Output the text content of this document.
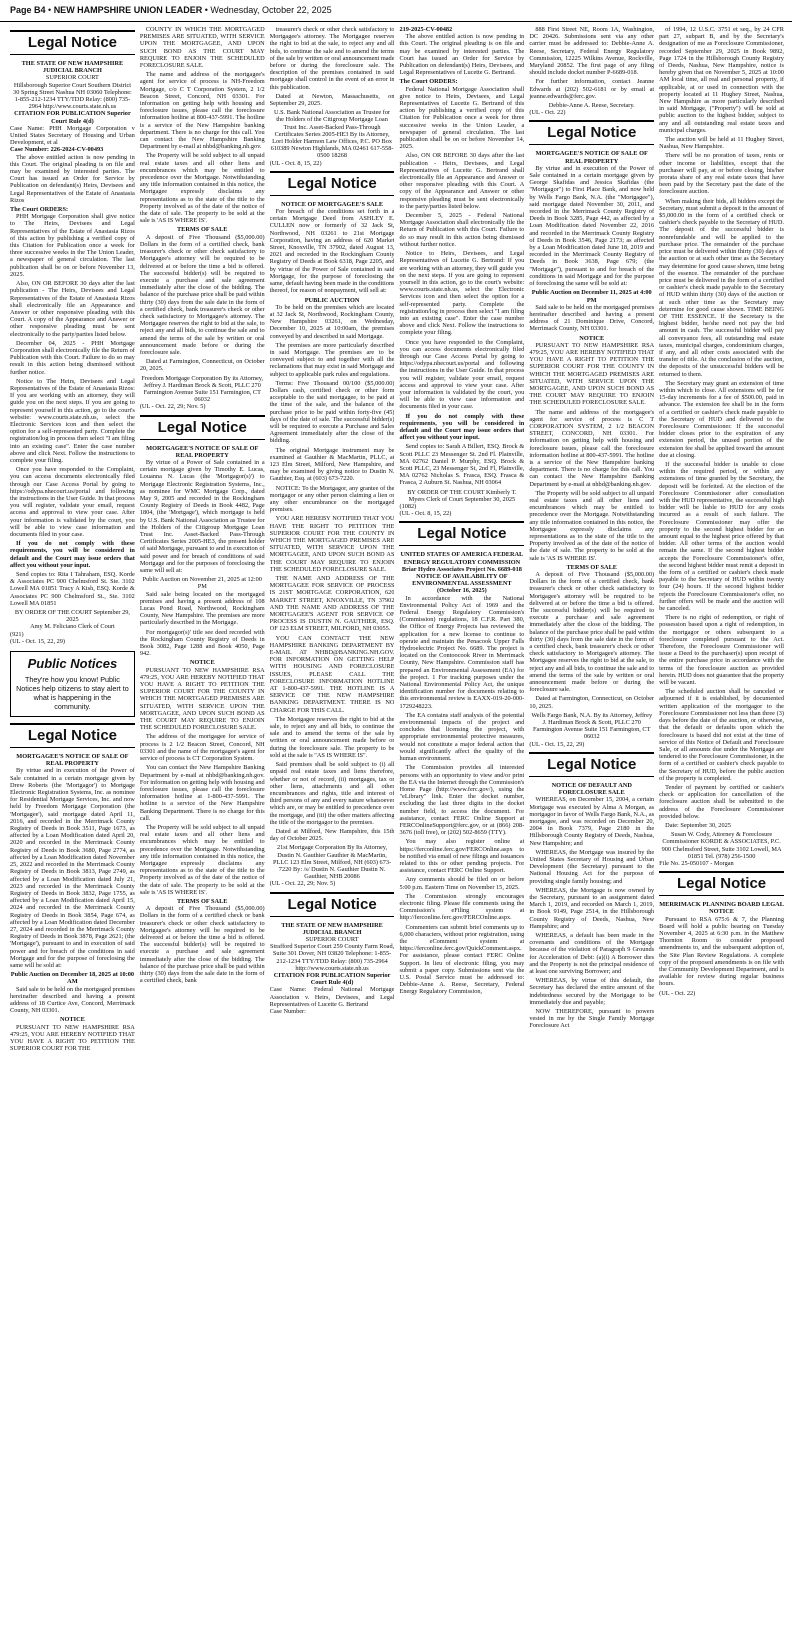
Page B4 • NEW HAMPSHIRE UNION LEADER • Wednesday, October 22, 2025
Legal Notice
THE STATE OF NEW HAMPSHIRE JUDICIAL BRANCH
SUPERIOR COURT
Hillsborough Superior Court Southern District 30 Spring Street Nashua NH 03060 Telephone: 1-855-212-1234 TTY/TDD Relay: (800) 735-2964 http://www.courts.state.nh.us
CITATION FOR PUBLICATION Superior Court Rule 4(d)
Case Name: PHH Mortgage Corporation v United States Secretary of Housing and Urban Development, et al
Case Number: 226-2024-CV-00493
The above entitled action is now pending in this Court. The original pleading is on file and may be examined by interested parties. The Court has issued an Order for Service by Publication on defendant(s) Heirs, Devisees and Legal Representatives of the Estate of Anastasia Rizos
The Court ORDERS:
PHH Mortgage Corporation shall give notice to The Heirs, Devisees and Legal Representatives of the Estate of Anastasia Rizos of this action by publishing a verified copy of this Citation for Publication once a week for three successive weeks in the The Union Leader, a newspaper of general circulation. The last publication shall be on or before November 13, 2025.
Also, ON OR BEFORE 30 days after the last publication - The Heirs, Devisees and Legal Representatives of the Estate of Anastasia Rizos shall electronically file an Appearance and Answer or other responsive pleading with this Court. A copy of the Appearance and Answer or other responsive pleading must be sent electronically to the party/parties listed below.
December 04, 2025 - PHH Mortgage Corporation shall electronically file the Return of Publication with this Court. Failure to do so may result in this action being dismissed without further notice.
Notice to The Heirs, Devisees and Legal Representatives of the Estate of Anastasia Rizos: If you are working with an attorney, they will guide you on the next steps. If you are going to represent yourself in this action, go to the court's website: www.courts.state.nh.us, select the Electronic Services icon and then select the option for a self-represented party. Complete the registration/log in process then select "I am filing into an existing case". Enter the case number above and click Next. Follow the instructions to complete your filing.
Once you have responded to the Complaint, you can access documents electronically filed through our Case Access Portal by going to https://odypa.nhecourt.us/portal and following the instructions in the User Guide. In that process you will register, validate your email, request access and approval to view your case. After your information is validated by the court, you will be able to view case information and documents filed in your case.
If you do not comply with these requirements, you will be considered in default and the Court may issue orders that affect you without your input.
Send copies to: Rita I Tahraham, ESQ. Korde & Associates PC 900 Chelmsford St. Ste. 3102 Lowell MA 01851 Tracy A Kish, ESQ. Korde & Associates PC 900 Chelmsford St., Ste. 3102 Lowell MA 01851
BY ORDER OF THE COURT September 29, 2025
Amy M. Feliciano Clerk of Court
(921)
(UL - Oct. 15, 22, 29)
Public Notices
They're how you know! Public Notices help citizens to stay alert to what is happening in the community.
Legal Notice
MORTGAGEE'S NOTICE OF SALE OF REAL PROPERTY
By virtue and in execution of the Power of Sale contained in a certain mortgage given by Drew Roberts (the 'Mortgagor') to Mortgage Electronic Registration Systems, Inc. as nominee for Residential Mortgage Services, Inc. and now held by Freedom Mortgage Corporation (the 'Mortgagee'), said mortgage dated April 11, 2016, and recorded in the Merrimack County Registry of Deeds in Book 3511, Page 1673, as affected by a Loan Modification dated April 20, 2020 and recorded in the Merrimack County Registry of Deeds in Book 3680, Page 2774, as affected by a Loan Modification dated November 25, 2022 and recorded in the Merrimack County Registry of Deeds in Book 3813, Page 2749, as affected by a Loan Modification dated July 21, 2023 and recorded in the Merrimack County Registry of Deeds in Book 3832, Page 1755, as affected by a Loan Modification dated April 15, 2024 and recorded in the Merrimack County Registry of Deeds in Book 3854, Page 674, as affected by a Loan Modification dated December 27, 2024 and recorded in the Merrimack County Registry of Deeds in Book 3878, Page 2621; (the 'Mortgage'), pursuant to and in execution of said power and for breach of the conditions in said Mortgage and for the purpose of foreclosing the same will be sold at:
Public Auction on December 18, 2025 at 10:00 AM
Said sale to be held on the mortgaged premises hereinafter described and having a present address of 18 Curtice Ave, Concord, Merrimack County, NH 03301.
NOTICE
PURSUANT TO NEW HAMPSHIRE RSA 479:25, YOU ARE HEREBY NOTIFIED THAT YOU HAVE A RIGHT TO PETITION THE SUPERIOR COURT FOR THE
COUNTY IN WHICH THE MORTGAGED PREMISES ARE SITUATED, WITH SERVICE UPON THE MORTGAGEE, AND UPON SUCH BOND AS THE COURT MAY REQUIRE TO ENJOIN THE SCHEDULED FORECLOSURE SALE.
The name and address of the mortgagee's agent for service of process is NH-Freedom Mortgage, c/o C T Corporation System, 2 1/2 Beacon Street, Concord, NH 03301. For information on getting help with housing and foreclosure issues, please call the foreclosure information hotline at 800-437-5991. The hotline is a service of the New Hampshire banking department. There is no charge for this call. You can contact the New Hampshire Banking Department by e-mail at nhbd@banking.nh.gov.
The Property will be sold subject to all unpaid real estate taxes and all other liens and encumbrances which may be entitled to precedence over the Mortgage. Notwithstanding any title information contained in this notice, the Mortgagee expressly disclaims any representations as to the state of the title to the Property involved as of the date of the notice of the date of sale. The property to be sold at the sale is 'AS IS WHERE IS'.
TERMS OF SALE
A deposit of Five Thousand ($5,000.00) Dollars in the form of a certified check, bank treasurer's check or other check satisfactory to Mortgagee's attorney will be required to be delivered at or before the time a bid is offered. The successful bidder(s) will be required to execute a purchase and sale agreement immediately after the close of the bidding. The balance of the purchase price shall be paid within thirty (30) days from the sale date in the form of a certified check, bank treasurer's check or other check satisfactory to Mortgagee's attorney. The Mortgagee reserves the right to bid at the sale, to reject any and all bids, to continue the sale and to amend the terms of the sale by written or oral announcement made before or during the foreclosure sale.
Dated at Farmington, Connecticut, on October 20, 2025.
Freedom Mortgage Corporation By its Attorney, Jeffrey J. Hardiman Brock & Scott, PLLC 270 Farmington Avenue Suite 151 Farmington, CT 06032
(UL - Oct. 22, 29; Nov. 5)
Legal Notice
MORTGAGEE'S NOTICE OF SALE OF REAL PROPERTY
By virtue of a Power of Sale contained in a certain mortgage given by Timothy E. Lucas, Louanna N. Lucas (the 'Mortgagor(s)') to Mortgage Electronic Registration Systems, Inc., as nominee for WMC Mortgage Corp., dated May 9, 2005 and recorded in the Rockingham County Registry of Deeds in Book 4482, Page 1804, (the 'Mortgage'), which mortgage is held by U.S. Bank National Association as Trustee for the Holders of the Citigroup Mortgage Loan Trust Inc. Asset-Backed Pass-Through Certificates Series 2005-HE3, the present holder of said Mortgage, pursuant to and in execution of said power and for breach of conditions of said Mortgage and for the purposes of foreclosing the same will sell at:
Public Auction on November 21, 2025 at 12:00 PM
Said sale being located on the mortgaged premises and having a present address of 108 Lucas Pond Road, Northwood, Rockingham County, New Hampshire. The premises are more particularly described in the Mortgage.
For mortgagor(s)' title see deed recorded with the Rockingham County Registry of Deeds in Book 3082, Page 1288 and Book 4050, Page 942.
NOTICE
PURSUANT TO NEW HAMPSHIRE RSA 479:25, YOU ARE HEREBY NOTIFIED THAT YOU HAVE A RIGHT TO PETITION THE SUPERIOR COURT FOR THE COUNTY IN WHICH THE MORTGAGED PREMISES ARE SITUATED, WITH SERVICE UPON THE MORTGAGEE, AND UPON SUCH BOND AS THE COURT MAY REQUIRE TO ENJOIN THE SCHEDULED FORECLOSURE SALE.
The address of the mortgagee for service of process is 2 1/2 Beacon Street, Concord, NH 03301 and the name of the mortgagee's agent for service of process is CT Corporation System.
You can contact the New Hampshire Banking Department by e-mail at nhbd@banking.nh.gov. For information on getting help with housing and foreclosure issues, please call the foreclosure information hotline at 1-800-437-5991. The hotline is a service of the New Hampshire Banking Department. There is no charge for this call.
The Property will be sold subject to all unpaid real estate taxes and all other liens and encumbrances which may be entitled to precedence over the Mortgage. Notwithstanding any title information contained in this notice, the Mortgagee expressly disclaims any representations as to the state of the title to the Property involved as of the date of the notice of the date of sale. The property to be sold at the sale is 'AS IS WHERE IS'.
TERMS OF SALE
A deposit of Five Thousand ($5,000.00) Dollars in the form of a certified check or bank treasurer's check or other check satisfactory to Mortgagee's attorney will be required to be delivered at or before the time a bid is offered. The successful bidder(s) will be required to execute a purchase and sale agreement immediately after the close of the bidding. The balance of the purchase price shall be paid within thirty (30) days from the sale date in the form of a certified check, bank
treasurer's check or other check satisfactory to Mortgagee's attorney. The Mortgagee reserves the right to bid at the sale, to reject any and all bids, to continue the sale and to amend the terms of the sale by written or oral announcement made before or during the foreclosure sale. The description of the premises contained in said mortgage shall control in the event of an error in this publication.
Dated at Newton, Massachusetts, on September 29, 2025.
U.S. Bank National Association as Trustee for the Holders of the Citigroup Mortgage Loan Trust Inc. Asset-Backed Pass-Through Certificates Series 2005-HE3 By its Attorney, Lori Holder Harmon Law Offices, P.C. PO Box 610389 Newton Highlands, MA 02461 617-558-0500 18268
(UL - Oct. 8, 15, 22)
Legal Notice
NOTICE OF MORTGAGEE'S SALE
For breach of the conditions set forth in a certain Mortgage Deed from ASHLEY E. CULLEN now or formerly of 32 Jack St, Northwood, NH 03261 to 21st Mortgage Corporation, having an address of 620 Market Street, Knoxville, TN 37902, dated August 13, 2021 and recorded in the Rockingham County Registry of Deeds at Book 6318, Page 2205, and by virtue of the Power of Sale contained in said Mortgage, for the purpose of foreclosing the same, default having been made in the conditions thereof, for reason of nonpayment, will sell at:
PUBLIC AUCTION
To be held on the premises which are located at 32 Jack St, Northwood, Rockingham County, New Hampshire 03261, on Wednesday, December 10, 2025 at 10:00am, the premises conveyed by and described in said Mortgage.
The premises are more particularly described in said Mortgage. The premises are to be conveyed subject to and together with all the reclamations that may exist in said Mortgage and subject to applicable park rules and regulations.
Terms: Five Thousand 00/100 ($5,000.00) Dollars cash, certified check or other form acceptable to the said mortgagee, to be paid at the time of the sale, and the balance of the purchase price to be paid within forty-five (45) days of the date of sale. The successful bidder(s) will be required to execute a Purchase and Sales Agreement immediately after the close of the bidding.
The original Mortgage instrument may be examined at Gauthier & MacMartin, PLLC, at 123 Elm Street, Milford, New Hampshire, and may be examined by giving notice to Dustin N. Gauthier, Esq. at (603) 673-7220.
NOTICE: To the Mortgagor, any grantee of the mortgagor or any other person claiming a lien or any other encumbrance on the mortgaged premises.
YOU ARE HEREBY NOTIFIED THAT YOU HAVE THE RIGHT TO PETITION THE SUPERIOR COURT FOR THE COUNTY IN WHICH THE MORTGAGED PREMISES ARE SITUATED, WITH SERVICE UPON THE MORTGAGEE, AND UPON SUCH BOND AS THE COURT MAY REQUIRE TO ENJOIN THE SCHEDULED FORECLOSURE SALE.
THE NAME AND ADDRESS OF THE MORTGAGEE FOR SERVICE OF PROCESS IS 21ST MORTGAGE CORPORATION, 620 MARKET STREET, KNOXVILLE, TN 37902 AND THE NAME AND ADDRESS OF THE MORTGAGEE'S AGENT FOR SERVICE OF PROCESS IS DUSTIN N. GAUTHIER, ESQ. OF 123 ELM STREET, MILFORD, NH 03055.
YOU CAN CONTACT THE NEW HAMPSHIRE BANKING DEPARTMENT BY E-MAIL AT NHBD@BANKING.NH.GOV. FOR INFORMATION ON GETTING HELP WITH HOUSING AND FORECLOSURE ISSUES, PLEASE CALL THE FORECLOSURE INFORMATION HOTLINE AT 1-800-437-5991. THE HOTLINE IS A SERVICE OF THE NEW HAMPSHIRE BANKING DEPARTMENT. THERE IS NO CHARGE FOR THIS CALL.
The Mortgagee reserves the right to bid at the sale, to reject any and all bids, to continue the sale and to amend the terms of the sale by written or oral announcement made before or during the foreclosure sale. The property to be sold at the sale is "AS IS WHERE IS".
Said premises shall be sold subject to (i) all unpaid real estate taxes and liens therefore, whether or not of record, (ii) mortgages, tax or other liens, attachments and all other encumbrances and rights, title and interest of third persons of any and every nature whatsoever which are, or may be entitled to precedence over the mortgage, and (iii) the other matters affecting the title of the mortgagor to the premises.
Dated at Milford, New Hampshire, this 15th day of October 2025.
21st Mortgage Corporation By Its Attorney, Dustin N. Gauthier Gauthier & MacMartin, PLLC 123 Elm Street, Milford, NH (603) 673-7220 By: /s/ Dustin N. Gauthier Dustin N. Gauthier, NHB 20086
(UL - Oct. 22, 29; Nov. 5)
Legal Notice
THE STATE OF NEW HAMPSHIRE JUDICIAL BRANCH
SUPERIOR COURT
Strafford Superior Court 259 County Farm Road, Suite 301 Dover, NH 03820 Telephone: 1-855-212-1234 TTY/TDD Relay: (800) 735-2964 http://www.courts.state.nh.us
CITATION FOR PUBLICATION Superior Court Rule 4(d)
Case Name: Federal National Mortgage Association v. Heirs, Devisees, and Legal Representatives of Lucette G. Bertrand
Case Number:
219-2025-CV-00482
The above entitled action is now pending in this Court. The original pleading is on file and may be examined by interested parties. The Court has issued an Order for Service by Publication on defendant(s) Heirs, Devisees, and Legal Representatives of Lucette G. Bertrand.
The Court ORDERS:
Federal National Mortgage Association shall give notice to Heirs, Devisees, and Legal Representatives of Lucette G. Bertrand of this action by publishing a verified copy of this Citation for Publication once a week for three successive weeks in the Union Leader, a newspaper of general circulation. The last publication shall be on or before November 14, 2025.
Also, ON OR BEFORE 30 days after the last publication - Heirs, Devisees, and Legal Representatives of Lucette G. Bertrand shall electronically file an Appearance and Answer or other responsive pleading with this Court. A copy of the Appearance and Answer or other responsive pleading must be sent electronically to the party/parties listed below.
December 5, 2025 - Federal National Mortgage Association shall electronically file the Return of Publication with this Court. Failure to do so may result in this action being dismissed without further notice.
Notice to Heirs, Devisees, and Legal Representatives of Lucette G. Bertrand: If you are working with an attorney, they will guide you on the next steps. If you are going to represent yourself in this action, go to the court's website: www.courts.state.nh.us, select the Electronic Services icon and then select the option for a self-represented party. Complete the registration/log in process then select "I am filing into an existing case". Enter the case number above and click Next. Follow the instructions to complete your filing.
Once you have responded to the Complaint, you can access documents electronically filed through our Case Access Portal by going to https://odypa.nhecourt.us/portal and following the instructions in the User Guide. In that process you will register, validate your email, request access and approval to view your case. After your information is validated by the court, you will be able to view case information and documents filed in your case.
If you do not comply with these requirements, you will be considered in default and the Court may issue orders that affect you without your input.
Send copies to: Sarah A Billert, ESQ. Brock & Scott PLLC 23 Messenger St. 2nd Fl. Plainville, MA 02762 Daniel P. Murphy, ESQ. Brock & Scott PLLC, 23 Messenger St, 2nd Fl, Plainville, MA 02762 Nicholas S. Frasca, ESQ. Frasca & Frasca, 2 Auburn St. Nashua, NH 03064
BY ORDER OF THE COURT Kimberly T. Myers Clerk of Court September 30, 2025
(1082)
(UL - Oct. 8, 15, 22)
Legal Notice
UNITED STATES OF AMERICA FEDERAL ENERGY REGULATORY COMMISSION Briar Hydro Associates Project No. 6689-018 NOTICE OF AVAILABILITY OF ENVIRONMENTAL ASSESSMENT (October 16, 2025)
In accordance with the National Environmental Policy Act of 1969 and the Federal Energy Regulatory Commission's (Commission) regulations, 18 C.F.R. Part 380, the Office of Energy Projects has reviewed the application for a new license to continue to operate and maintain the Penacook Upper Falls Hydroelectric Project No. 6689. The project is located on the Contoocook River in Merrimack County, New Hampshire. Commission staff has prepared an Environmental Assessment (EA) for the project. 1 For tracking purposes under the National Environmental Policy Act, the unique identification number for documents relating to this environmental review is EAXX-019-20-000-1729248223.
The EA contains staff analysis of the potential environmental impacts of the project and concludes that licensing the project, with appropriate environmental protective measures, would not constitute a major federal action that would significantly affect the quality of the human environment.
The Commission provides all interested persons with an opportunity to view and/or print the EA via the Internet through the Commission's Home Page (http://www.ferc.gov/), using the "eLibrary" link. Enter the docket number, excluding the last three digits in the docket number field, to access the document. For assistance, contact FERC Online Support at FERCOnlineSupport@ferc.gov, or at (866) 208-3676 (toll free), or (202) 502-8659 (TTY).
You may also register online at https://ferconline.ferc.gov/FERCOnline.aspx to be notified via email of new filings and issuances related to this or other pending projects. For assistance, contact FERC Online Support.
Any comments should be filed on or before 5:00 p.m. Eastern Time on November 15, 2025.
The Commission strongly encourages electronic filing. Please file comments using the Commission's eFiling system at http://ferconline.ferc.gov/FERCOnline.aspx.
Commenters can submit brief comments up to 6,000 characters, without prior registration, using the eComment system at https://ferconline.ferc.gov/QuickComment.aspx. For assistance, please contact FERC Online Support. In lieu of electronic filing, you may submit a paper copy. Submissions sent via the U.S. Postal Service must be addressed to: Debbie-Anne A. Reese, Secretary, Federal Energy Regulatory Commission,
888 First Street NE, Room 1A, Washington, DC 20426. Submissions sent via any other carrier must be addressed to: Debbie-Anne A. Reese, Secretary, Federal Energy Regulatory Commission, 12225 Wilkins Avenue, Rockville, Maryland 20852. The first page of any filing should include docket number P-6689-018.
For further information, contact Jeanne Edwards at (202) 502-6181 or by email at jeanne.edwards@ferc.gov.
Debbie-Anne A. Reese, Secretary.
(UL - Oct. 22)
Legal Notice
MORTGAGEE'S NOTICE OF SALE OF REAL PROPERTY
By virtue and in execution of the Power of Sale contained in a certain mortgage given by George Skafidas and Jessica Skafidas (the "Mortgagor") to First Place Bank, and now held by Wells Fargo Bank, N.A. (the "Mortgagee"), said mortgage dated November 30, 2011, and recorded in the Merrimack County Registry of Deeds in Book 3285, Page 442, as affected by a Loan Modification dated November 22, 2016 and recorded in the Merrimack County Registry of Deeds in Book 3546, Page 2173; as affected by a Loan Modification dated June 18, 2019 and recorded in the Merrimack County Registry of Deeds in Book 3638, Page 679; (the "Mortgage"), pursuant to and for breach of the conditions in said Mortgage and for the purpose of foreclosing the same will be sold at:
Public Auction on December 11, 2025 at 4:00 PM
Said sale to be held on the mortgaged premises hereinafter described and having a present address of 21 Dominique Drive, Concord, Merrimack County, NH 03301.
NOTICE
PURSUANT TO NEW HAMPSHIRE RSA 479:25, YOU ARE HEREBY NOTIFIED THAT YOU HAVE A RIGHT TO PETITION THE SUPERIOR COURT FOR THE COUNTY IN WHICH THE MORTGAGED PREMISES ARE SITUATED, WITH SERVICE UPON THE MORTGAGEE, AND UPON SUCH BOND AS THE COURT MAY REQUIRE TO ENJOIN THE SCHEDULED FORECLOSURE SALE.
The name and address of the mortgagee's agent for service of process is C T CORPORATION SYSTEM, 2 1/2 BEACON STREET, CONCORD, NH 03301. For information on getting help with housing and foreclosure issues, please call the foreclosure information hotline at 800-437-5991. The hotline is a service of the New Hampshire banking department. There is no charge for this call. You can contact the New Hampshire Banking Department by e-mail at nhbd@banking.nh.gov.
The Property will be sold subject to all unpaid real estate taxes and all other liens and encumbrances which may be entitled to precedence over the Mortgage. Notwithstanding any title information contained in this notice, the Mortgagee expressly disclaims any representations as to the state of the title to the Property involved as of the date of the notice of the date of sale. The property to be sold at the sale is 'AS IS WHERE IS'.
TERMS OF SALE
A deposit of Five Thousand ($5,000.00) Dollars in the form of a certified check, bank treasurer's check or other check satisfactory to Mortgagee's attorney will be required to be delivered at or before the time a bid is offered. The successful bidder(s) will be required to execute a purchase and sale agreement immediately after the close of the bidding. The balance of the purchase price shall be paid within thirty (30) days from the sale date in the form of a certified check, bank treasurer's check or other check satisfactory to Mortgagee's attorney. The Mortgagee reserves the right to bid at the sale, to reject any and all bids, to continue the sale and to amend the terms of the sale by written or oral announcement made before or during the foreclosure sale.
Dated at Farmington, Connecticut, on October 10, 2025.
Wells Fargo Bank, N.A. By its Attorney, Jeffrey J. Hardiman Brock & Scott, PLLC 270 Farmington Avenue Suite 151 Farmington, CT 06032
(UL - Oct. 15, 22, 29)
Legal Notice
NOTICE OF DEFAULT AND FORECLOSURE SALE
WHEREAS, on December 15, 2004, a certain Mortgage was executed by Alma A Morgan, as mortgagor in favor of Wells Fargo Bank, N.A., as mortgagee, and was recorded on December 20, 2004 in Book 7379, Page 2180 in the Hillsborough County Registry of Deeds, Nashua, New Hampshire; and
WHEREAS, the Mortgage was insured by the United States Secretary of Housing and Urban Development (the Secretary) pursuant to the National Housing Act for the purpose of providing single family housing; and
WHEREAS, the Mortgage is now owned by the Secretary, pursuant to an assignment dated March 1, 2019, and recorded on March 1, 2019, in Book 9149, Page 2514, in the Hillsborough County Registry of Deeds, Nashua, New Hampshire; and
WHEREAS, a default has been made in the covenants and conditions of the Mortgage because of the violation of Paragraph 9 Grounds for Acceleration of Debt: (a)(i) A Borrower dies and the Property is not the principal residence of at least one surviving Borrower; and
WHEREAS, by virtue of this default, the Secretary has declared the entire amount of the indebtedness secured by the Mortgage to be immediately due and payable;
NOW THEREFORE, pursuant to powers vested in me by the Single Family Mortgage Foreclosure Act
of 1994, 12 U.S.C. 3751 et seq., by 24 CFR part 27, subpart B, and by the Secretary's designation of me as Foreclosure Commissioner, recorded September 29, 2025 in Book 9892, Page 1724 in the Hillsborough County Registry of Deeds, Nashua, New Hampshire, notice is hereby given that on November 5, 2025 at 10:00 AM local time, all real and personal property, if applicable, at or used in connection with the property located at 11 Hughey Street, Nashua, New Hampshire as more particularly described in said Mortgage, ("Property") will be sold at public auction to the highest bidder, subject to any and all outstanding real estate taxes and municipal charges.
The auction will be held at 11 Hughey Street, Nashua, New Hampshire.
There will be no proration of taxes, rents or other income or liabilities, except that the purchaser will pay, at or before closing, his/her prorata share of any real estate taxes that have been paid by the Secretary past the date of the foreclosure auction.
When making their bids, all bidders except the Secretary, must submit a deposit in the amount of $5,000.00 in the form of a certified check or cashier's check payable to the Secretary of HUD. The deposit of the successful bidder is nonrefundable and will be applied to the purchase price. The remainder of the purchase price must be delivered within thirty (30) days of the auction or at such other time as the Secretary may determine for good cause shown, time being of the essence. The remainder of the purchase price must be delivered in the form of a certified or cashier's check made payable to the Secretary of HUD within thirty (30) days of the auction or at such other time as the Secretary may determine for good cause shown. TIME BEING OF THE ESSENCE. If the Secretary is the highest bidder, he/she need not pay the bid amount in cash. The successful bidder will pay all conveyance fees, all outstanding real estate taxes, municipal charges, condominium charges, if any, and all other costs associated with the transfer of title. At the conclusion of the auction, the deposits of the unsuccessful bidders will be returned to them.
The Secretary may grant an extension of time within which to close. All extensions will be for 15-day increments for a fee of $500.00, paid in advance. The extension fee shall be in the form of a certified or cashier's check made payable to the Secretary of HUD and delivered to the Foreclosure Commissioner. If the successful bidder closes prior to the expiration of any extension period, the unused portion of the extension fee shall be applied toward the amount due at closing.
If the successful bidder is unable to close within the required period, or within any extensions of time granted by the Secretary, the deposit will be forfeited. At the election of the Foreclosure Commissioner after consultation with the HUD representative, the successful high bidder will be liable to HUD for any costs incurred as a result of such failure. The Foreclosure Commissioner may offer the property to the second highest bidder for an amount equal to the highest price offered by that bidder. All other terms of the auction would remain the same. If the second highest bidder accepts the Foreclosure Commissioner's offer, the second highest bidder must remit a deposit in the form of a certified or cashier's check made payable to the Secretary of HUD within twenty four (24) hours. If the second highest bidder rejects the Foreclosure Commissioner's offer, no further offers will be made and the auction will be canceled.
There is no right of redemption, or right of possession based upon a right of redemption, in the mortgagor or others subsequent to a foreclosure completed pursuant to the Act. Therefore, the Foreclosure Commissioner will issue a Deed to the purchaser(s) upon receipt of the entire purchase price in accordance with the terms of the foreclosure auction as provided herein. HUD does not guarantee that the property will be vacant.
The scheduled auction shall be canceled or adjourned if it is established, by documented written application of the mortgagor to the Foreclosure Commissioner not less than three (3) days before the date of the auction, or otherwise, that the default or defaults upon which the foreclosure is based did not exist at the time of service of this Notice of Default and Foreclosure Sale, or all amounts due under the Mortgage are tendered to the Foreclosure Commissioner, in the form of a certified or cashier's check payable to the Secretary of HUD, before the public auction of the property is completed.
Tender of payment by certified or cashier's check or application for cancellation of the foreclosure auction shall be submitted to the address of the Foreclosure Commissioner provided below.
Date: September 30, 2025
Susan W. Cody, Attorney & Foreclosure Commissioner KORDE & ASSOCIATES, P.C. 900 Chelmsford Street, Suite 3102 Lowell, MA 01851 Tel. (978) 256-1500
File No. 25-050107 - Morgan
Legal Notice
MERRIMACK PLANNING BOARD LEGAL NOTICE
Pursuant to RSA 675:6 & 7, the Planning Board will hold a public hearing on Tuesday November 4, 2025 at 6:30 p.m. in the Matthew Thornton Room to consider proposed amendments to, and the subsequent adoption of, the Site Plan Review Regulations. A complete copy of the proposed amendments is on file with the Community Development Department, and is available for review during regular business hours.
(UL - Oct. 22)
